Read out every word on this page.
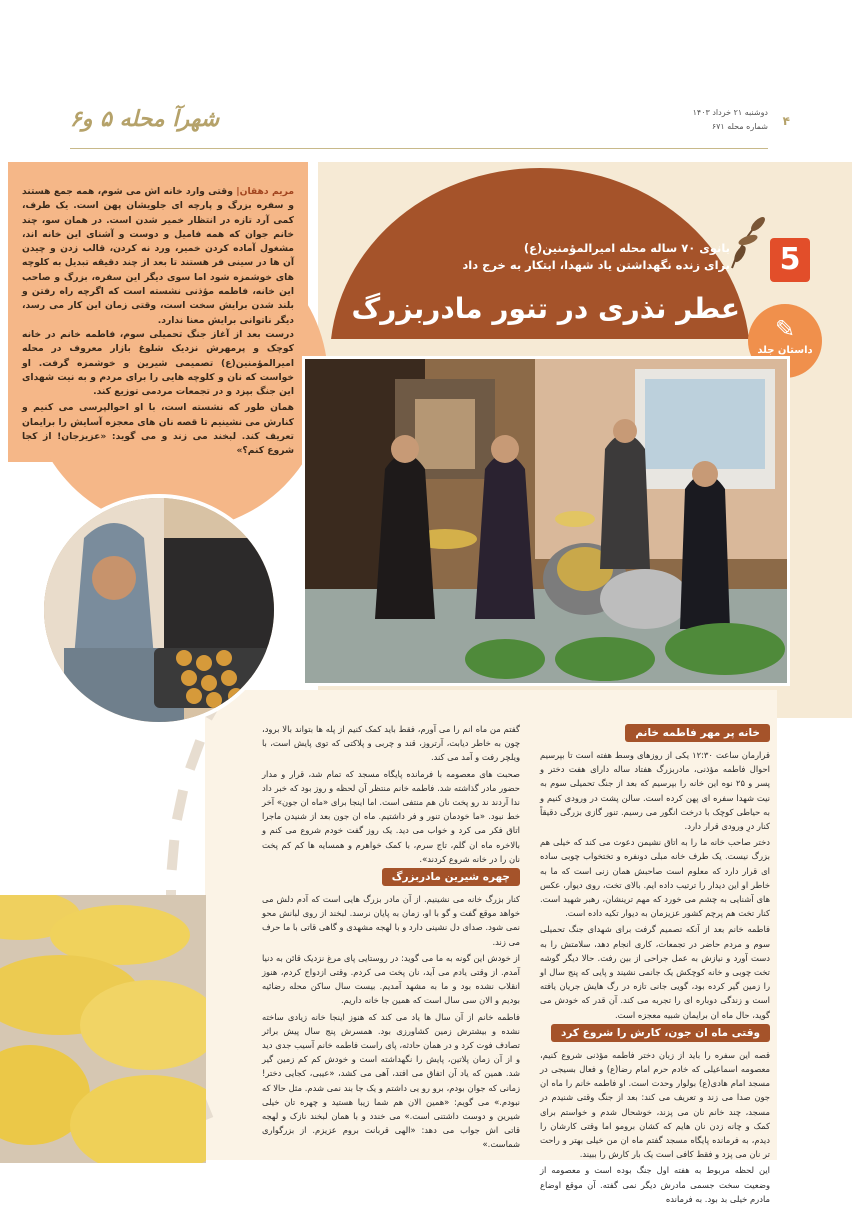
شهرآ محله ۵ و۶	دوشنبه ۲۱ خرداد ۱۴۰۳
شماره محله ۶۷۱ ۴
مریم دهقان| وقتی وارد خانه اش می شوم، همه جمع هستند و سفره بزرگ و پارچه ای جلویشان پهن است. یک طرف، کمی آرد تازه در انتظار خمیر شدن است. در همان سو، چند خانم جوان که همه فامیل و دوست و آشنای این خانه اند، مشغول آماده کردن خمیر، ورد نه کردن، قالب زدن و چیدن آن ها در سینی فر هستند تا بعد از چند دقیقه تبدیل به کلوچه های خوشمزه شود اما سوی دیگر این سفره، بزرگ و صاحب این خانه، فاطمه مؤذنی نشسته است که اگرچه راه رفتن و بلند شدن برایش سخت است، وقتی زمان این کار می رسد، دیگر ناتوانی برایش معنا ندارد.
درست بعد از آغاز جنگ تحمیلی سوم، فاطمه خانم در خانه کوچک و پرمهرش نزدیک شلوغ بازار معروف در محله امیرالمؤمنین(ع) تصمیمی شیرین و خوشمزه گرفت. او خواست که نان و کلوچه هایی را برای مردم و به نیت شهدای این جنگ بپزد و در تجمعات مردمی توزیع کند.
همان طور که نشسته است، با او احوالپرسی می کنیم و کنارش می نشینیم تا قصه نان های معجزه آسایش را برایمان تعریف کند. لبخند می زند و می گوید: «عزیزجان! از کجا شروع کنم؟»
بانوی ۷۰ ساله محله امیرالمؤمنین(ع)
برای زنده نگهداشتن یاد شهدا، ابتکار به خرج داد
عطر نذری در تنور مادربزرگ
5
✎
داستان جلد
خانه پر مهر فاطمه خانم
قرارمان ساعت ۱۲:۳۰ یکی از روزهای وسط هفته است تا بپرسیم احوال فاطمه مؤذنی، مادربزرگ هفتاد ساله دارای هفت دختر و پسر و ۲۵ نوه این خانه را بپرسیم که بعد از جنگ تحمیلی سوم به نیت شهدا سفره ای پهن کرده است. سالن پشت در ورودی کنیم و به حیاطی کوچک با درخت انگور می رسیم. تنور گازی بزرگی دقیقاً کنار درِ ورودی قرار دارد.
دختر صاحب خانه ما را به اتاق نشیمن دعوت می کند که خیلی هم بزرگ نیست. یک طرف خانه مبلی دونفره و تختخواب چوبی ساده ای قرار دارد که معلوم است صاحبش همان زنی است که ما به خاطر او این دیدار را ترتیب داده ایم. بالای تخت، روی دیوار، عکس های آشنایی به چشم می خورد که مهم ترینشان، رهبر شهید است. کنار تخت هم پرچم کشور عزیزمان به دیوار تکیه داده است.
فاطمه خانم بعد از آنکه تصمیم گرفت برای شهدای جنگ تحمیلی سوم و مردم حاضر در تجمعات، کاری انجام دهد، سلامتش را به دست آورد و نیازش به عمل جراحی از بین رفت. حالا دیگر گوشه تخت چوبی و خانه کوچکش یک جانمی نشیند و پایی که پنج سال او را زمین گیر کرده بود، گویی جانی تازه در رگ هایش جریان یافته است و زندگی دوباره ای را تجربه می کند. آن قدر که خودش می گوید، حال ماه ان برایمان شبیه معجزه است.
وقتی ماه ان جون، کارش را شروع کرد
قصه این سفره را باید از زبان دختر فاطمه مؤذنی شروع کنیم، معصومه اسماعیلی که خادم حرم امام رضا(ع) و فعال بسیجی در مسجد امام هادی(ع) بولوار وحدت است. او فاطمه خانم را ماه ان جون صدا می زند و تعریف می کند: بعد از جنگ وقتی شنیدم در مسجد، چند خانم نان می پزند، خوشحال شدم و خواستم برای کمک و چانه زدن نان هایم که کشان برومو اما وقتی کارشان را دیدم، به فرمانده پایگاه مسجد گفتم ماه ان من خیلی بهتر و راحت تر نان می پزد و فقط کافی است یک بار کارش را ببیند.
این لحظه مربوط به هفته اول جنگ بوده است و معصومه از وضعیت سخت جسمی مادرش دیگر نمی گفته. آن موقع اوضاع مادرم خیلی بد بود. به فرمانده
گفتم من ماه انم را می آورم، فقط باید کمک کنیم از پله ها بتواند بالا برود، چون به خاطر دیابت، آرتروز، قند و چربی و پلاکتی که توی پایش است، با ویلچر رفت و آمد می کند.
صحبت های معصومه با فرمانده پایگاه مسجد که تمام شد، قرار و مدار حضور مادر گذاشته شد. فاطمه خانم منتظر آن لحظه و روز بود که خبر داد ندا آردند ند رو پخت نان هم منتفی است. اما اینجا برای «ماه ان جون» آخر خط نبود. «ما خودمان تنور و فر داشتیم. ماه ان جون بعد از شنیدن ماجرا اتاق فکر می کرد و خواب می دید. یک روز گفت خودم شروع می کنم و بالاخره ماه ان گلم، تاج سرم، با کمک خواهرم و همسایه ها کم کم پخت نان را در خانه شروع کردند».
چهره شیرین مادربزرگ
کنار بزرگ خانه می نشینیم. از آن مادر بزرگ هایی است که آدم دلش می خواهد موقع گفت و گو با او، زمان به پایان نرسد. لبخند از روی لبانش محو نمی شود. صدای دل نشینی دارد و با لهجه مشهدی و گاهی قاتی با ما حرف می زند.
از خودش این گونه به ما می گوید: در روستایی پای مرغ نزدیک قائن به دنیا آمدم. از وقتی یادم می آید، نان پخت می کردم. وقتی ازدواج کردم، هنوز انقلاب نشده بود و ما به مشهد آمدیم. بیست سال ساکن محله رضائیه بودیم و الان سی سال است که همین جا خانه داریم.
فاطمه خانم از آن سال ها یاد می کند که هنوز اینجا خانه زیادی ساخته نشده و بیشترش زمین کشاورزی بود. همسرش پنج سال پیش براثر تصادف فوت کرد و در همان حادثه، پای راست فاطمه خانم آسیب جدی دید و از آن زمان پلاتین، پایش را نگهداشته است و خودش کم کم زمین گیر شد. همین که یاد آن اتفاق می افتد، آهی می کشد، «عیبی، کجایی دختر! زمانی که جوان بودم، برو رو یی داشتم و یک جا بند نمی شدم. مثل حالا که نبودم.» می گویم: «همین الان هم شما زیبا هستید و چهره تان خیلی شیرین و دوست داشتنی است.» می خندد و با همان لبخند نازک و لهجه قاتی اش جواب می دهد: «الهی قربانت بروم عزیزم. از بزرگواری شماست.»
